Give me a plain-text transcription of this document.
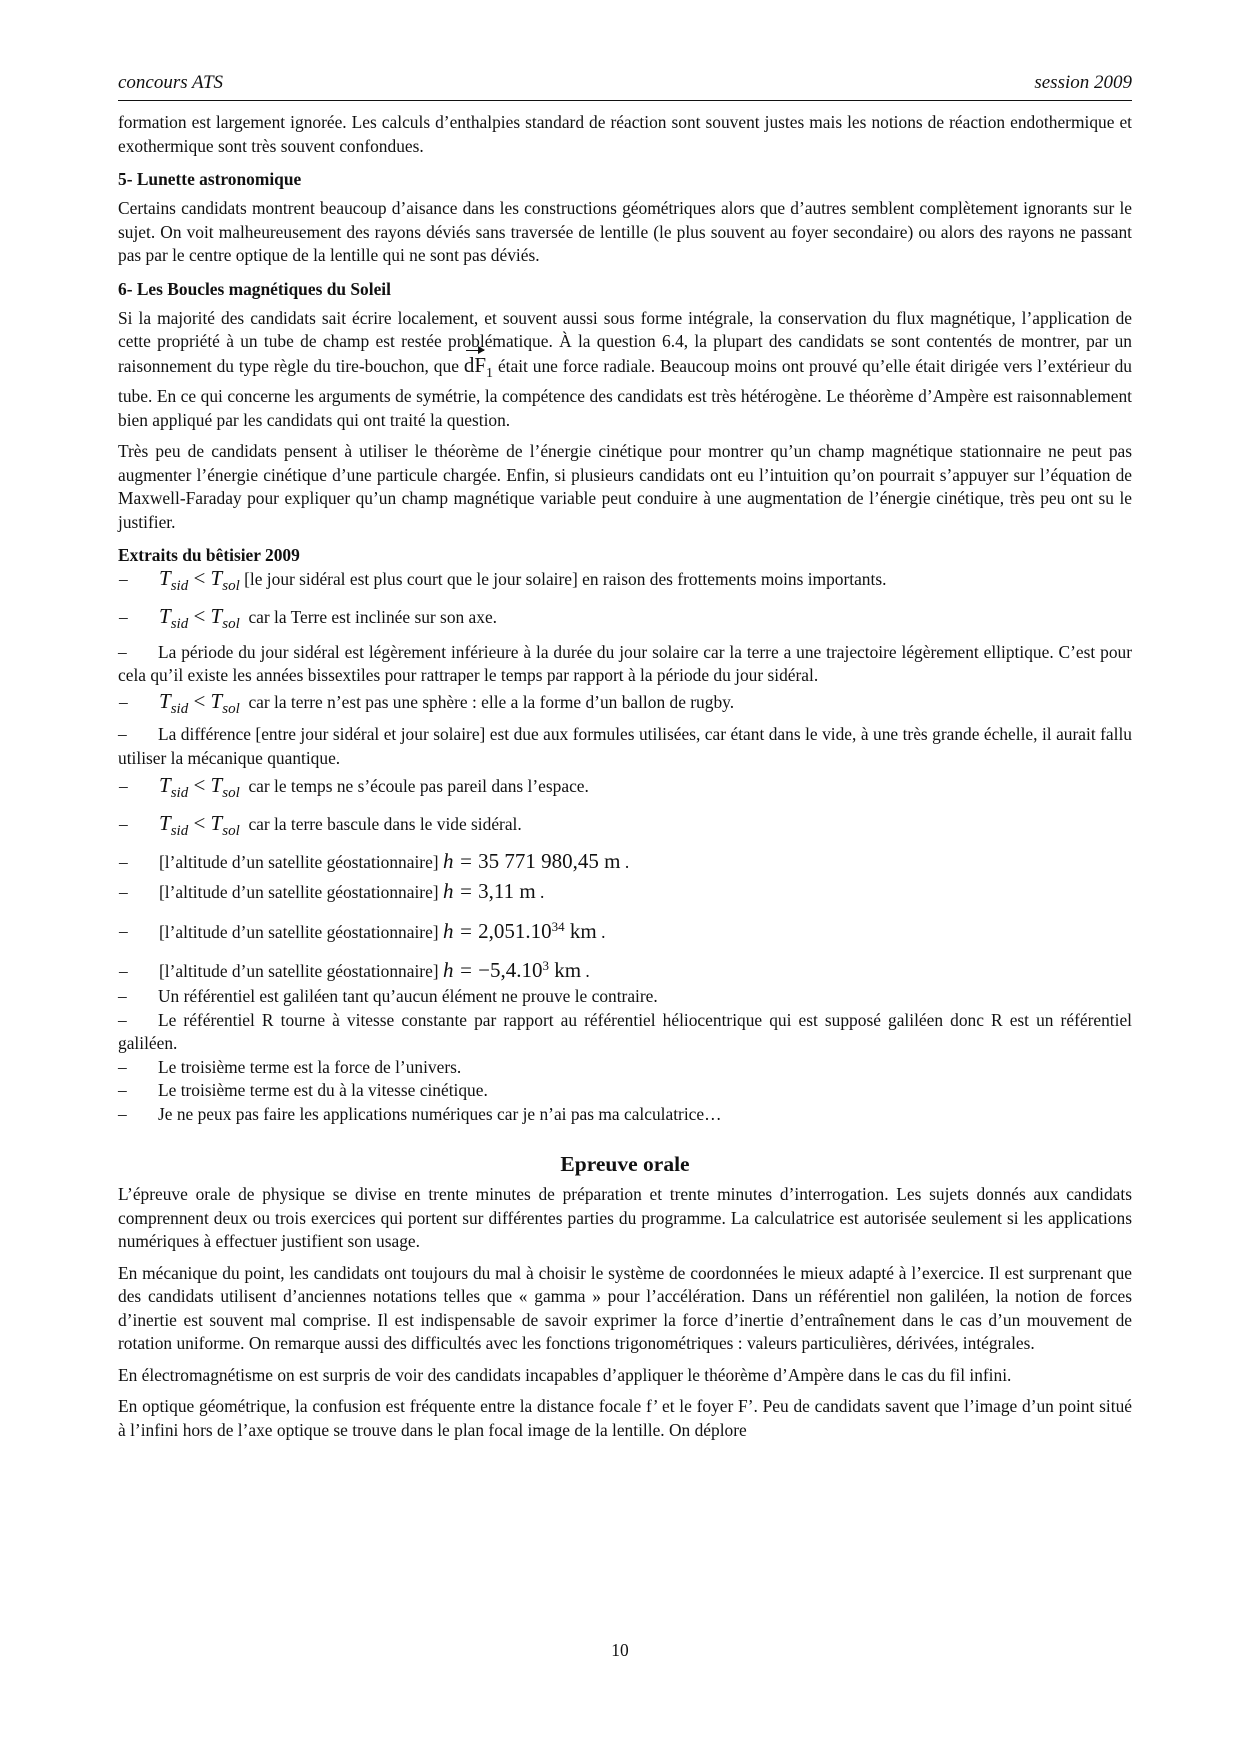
concours ATS	session 2009

formation est largement ignorée. Les calculs d’enthalpies standard de réaction sont souvent justes mais les notions de réaction endothermique et exothermique sont très souvent confondues.

5- Lunette astronomique

Certains candidats montrent beaucoup d’aisance dans les constructions géométriques alors que d’autres semblent complètement ignorants sur le sujet. On voit malheureusement des rayons déviés sans traversée de lentille (le plus souvent au foyer secondaire) ou alors des rayons ne passant pas par le centre optique de la lentille qui ne sont pas déviés.

6- Les Boucles magnétiques du Soleil

Si la majorité des candidats sait écrire localement, et souvent aussi sous forme intégrale, la conservation du flux magnétique, l’application de cette propriété à un tube de champ est restée problématique. À la question 6.4, la plupart des candidats se sont contentés de montrer, par un raisonnement du type règle du tire-bouchon, que $dF_1$ était une force radiale. Beaucoup moins ont prouvé qu’elle était dirigée vers l’extérieur du tube. En ce qui concerne les arguments de symétrie, la compétence des candidats est très hétérogène. Le théorème d’Ampère est raisonnablement bien appliqué par les candidats qui ont traité la question.

Très peu de candidats pensent à utiliser le théorème de l’énergie cinétique pour montrer qu’un champ magnétique stationnaire ne peut pas augmenter l’énergie cinétique d’une particule chargée. Enfin, si plusieurs candidats ont eu l’intuition qu’on pourrait s’appuyer sur l’équation de Maxwell-Faraday pour expliquer qu’un champ magnétique variable peut conduire à une augmentation de l’énergie cinétique, très peu ont su le justifier.

Extraits du bêtisier 2009

–	$T_{sid} < T_{sol}$ [le jour sidéral est plus court que le jour solaire] en raison des frottements moins importants.
–	$T_{sid} < T_{sol}$ car la Terre est inclinée sur son axe.

– La période du jour sidéral est légèrement inférieure à la durée du jour solaire car la terre a une trajectoire légèrement elliptique. C’est pour cela qu’il existe les années bissextiles pour rattraper le temps par rapport à la période du jour sidéral.

–	$T_{sid} < T_{sol}$ car la terre n’est pas une sphère : elle a la forme d’un ballon de rugby.

– La différence [entre jour sidéral et jour solaire] est due aux formules utilisées, car étant dans le vide, à une très grande échelle, il aurait fallu utiliser la mécanique quantique.

–	$T_{sid} < T_{sol}$ car le temps ne s’écoule pas pareil dans l’espace.
–	$T_{sid} < T_{sol}$ car la terre bascule dans le vide sidéral.
–	[l’altitude d’un satellite géostationnaire] h = 35 771 980,45 m .
–	[l’altitude d’un satellite géostationnaire] h = 3,11 m .
–	[l’altitude d’un satellite géostationnaire] $h = 2,051.10^{34}$ km .
–	[l’altitude d’un satellite géostationnaire] $h = -5,4.10^3$ km .

– Un référentiel est galiléen tant qu’aucun élément ne prouve le contraire.

– Le référentiel R tourne à vitesse constante par rapport au référentiel héliocentrique qui est supposé galiléen donc R est un référentiel galiléen.

– Le troisième terme est la force de l’univers.

– Le troisième terme est du à la vitesse cinétique.

– Je ne peux pas faire les applications numériques car je n’ai pas ma calculatrice…

Epreuve orale

L’épreuve orale de physique se divise en trente minutes de préparation et trente minutes d’interrogation. Les sujets donnés aux candidats comprennent deux ou trois exercices qui portent sur différentes parties du programme. La calculatrice est autorisée seulement si les applications numériques à effectuer justifient son usage.

En mécanique du point, les candidats ont toujours du mal à choisir le système de coordonnées le mieux adapté à l’exercice. Il est surprenant que des candidats utilisent d’anciennes notations telles que « gamma » pour l’accélération. Dans un référentiel non galiléen, la notion de forces d’inertie est souvent mal comprise. Il est indispensable de savoir exprimer la force d’inertie d’entraînement dans le cas d’un mouvement de rotation uniforme. On remarque aussi des difficultés avec les fonctions trigonométriques : valeurs particulières, dérivées, intégrales.

En électromagnétisme on est surpris de voir des candidats incapables d’appliquer le théorème d’Ampère dans le cas du fil infini.

En optique géométrique, la confusion est fréquente entre la distance focale f’ et le foyer F’. Peu de candidats savent que l’image d’un point situé à l’infini hors de l’axe optique se trouve dans le plan focal image de la lentille. On déplore

10
